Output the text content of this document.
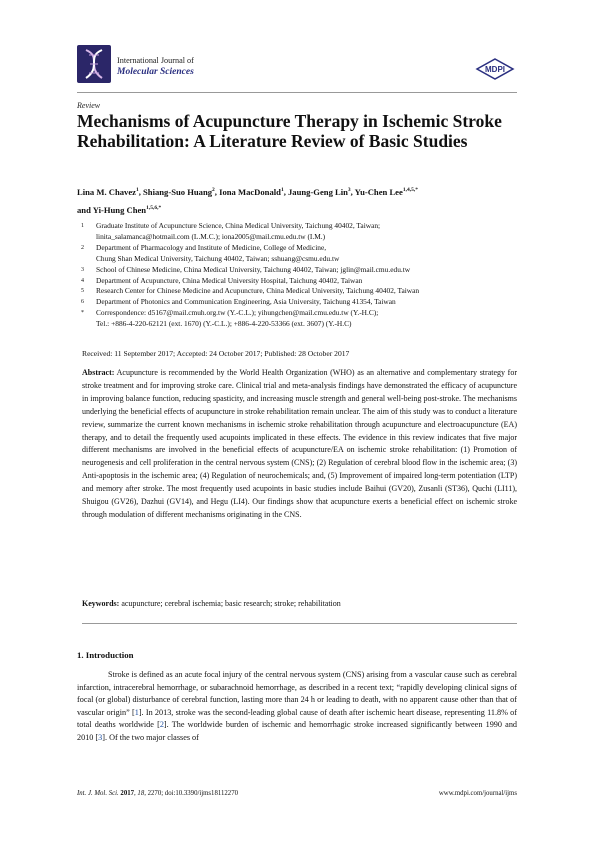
International Journal of
Molecular Sciences	MDPI
Review
Mechanisms of Acupuncture Therapy in Ischemic Stroke Rehabilitation: A Literature Review of Basic Studies
Lina M. Chavez$^1$, Shiang-Suo Huang$^2$, Iona MacDonald$^1$, Jaung-Geng Lin$^3$, Yu-Chen Lee$^{1,4,5,*}$
and Yi-Hung Chen$^{1,5,6,*}$
1	Graduate Institute of Acupuncture Science, China Medical University, Taichung 40402, Taiwan;
linita_salamanca@hotmail.com (L.M.C.); iona2005@mail.cmu.edu.tw (I.M.)
2	Department of Pharmacology and Institute of Medicine, College of Medicine,
Chung Shan Medical University, Taichung 40402, Taiwan; sshuang@csmu.edu.tw
3	School of Chinese Medicine, China Medical University, Taichung 40402, Taiwan; jglin@mail.cmu.edu.tw
4	Department of Acupuncture, China Medical University Hospital, Taichung 40402, Taiwan
5	Research Center for Chinese Medicine and Acupuncture, China Medical University, Taichung 40402, Taiwan
6	Department of Photonics and Communication Engineering, Asia University, Taichung 41354, Taiwan
*	Correspondence: d5167@mail.cmuh.org.tw (Y.-C.L.); yihungchen@mail.cmu.edu.tw (Y.-H.C);
Tel.: +886-4-220-62121 (ext. 1670) (Y.-C.L.); +886-4-220-53366 (ext. 3607) (Y.-H.C)
Received: 11 September 2017; Accepted: 24 October 2017; Published: 28 October 2017
Abstract: Acupuncture is recommended by the World Health Organization (WHO) as an alternative and complementary strategy for stroke treatment and for improving stroke care. Clinical trial and meta-analysis findings have demonstrated the efficacy of acupuncture in improving balance function, reducing spasticity, and increasing muscle strength and general well-being post-stroke. The mechanisms underlying the beneficial effects of acupuncture in stroke rehabilitation remain unclear. The aim of this study was to conduct a literature review, summarize the current known mechanisms in ischemic stroke rehabilitation through acupuncture and electroacupuncture (EA) therapy, and to detail the frequently used acupoints implicated in these effects. The evidence in this review indicates that five major different mechanisms are involved in the beneficial effects of acupuncture/EA on ischemic stroke rehabilitation: (1) Promotion of neurogenesis and cell proliferation in the central nervous system (CNS); (2) Regulation of cerebral blood flow in the ischemic area; (3) Anti-apoptosis in the ischemic area; (4) Regulation of neurochemicals; and, (5) Improvement of impaired long-term potentiation (LTP) and memory after stroke. The most frequently used acupoints in basic studies include Baihui (GV20), Zusanli (ST36), Quchi (LI11), Shuigou (GV26), Dazhui (GV14), and Hegu (LI4). Our findings show that acupuncture exerts a beneficial effect on ischemic stroke through modulation of different mechanisms originating in the CNS.
Keywords: acupuncture; cerebral ischemia; basic research; stroke; rehabilitation
1. Introduction
Stroke is defined as an acute focal injury of the central nervous system (CNS) arising from a vascular cause such as cerebral infarction, intracerebral hemorrhage, or subarachnoid hemorrhage, as described in a recent text; “rapidly developing clinical signs of focal (or global) disturbance of cerebral function, lasting more than 24 h or leading to death, with no apparent cause other than that of vascular origin” [1]. In 2013, stroke was the second-leading global cause of death after ischemic heart disease, representing 11.8% of total deaths worldwide [2]. The worldwide burden of ischemic and hemorrhagic stroke increased significantly between 1990 and 2010 [3]. Of the two major classes of
Int. J. Mol. Sci. 2017, 18, 2270; doi:10.3390/ijms18112270	www.mdpi.com/journal/ijms
